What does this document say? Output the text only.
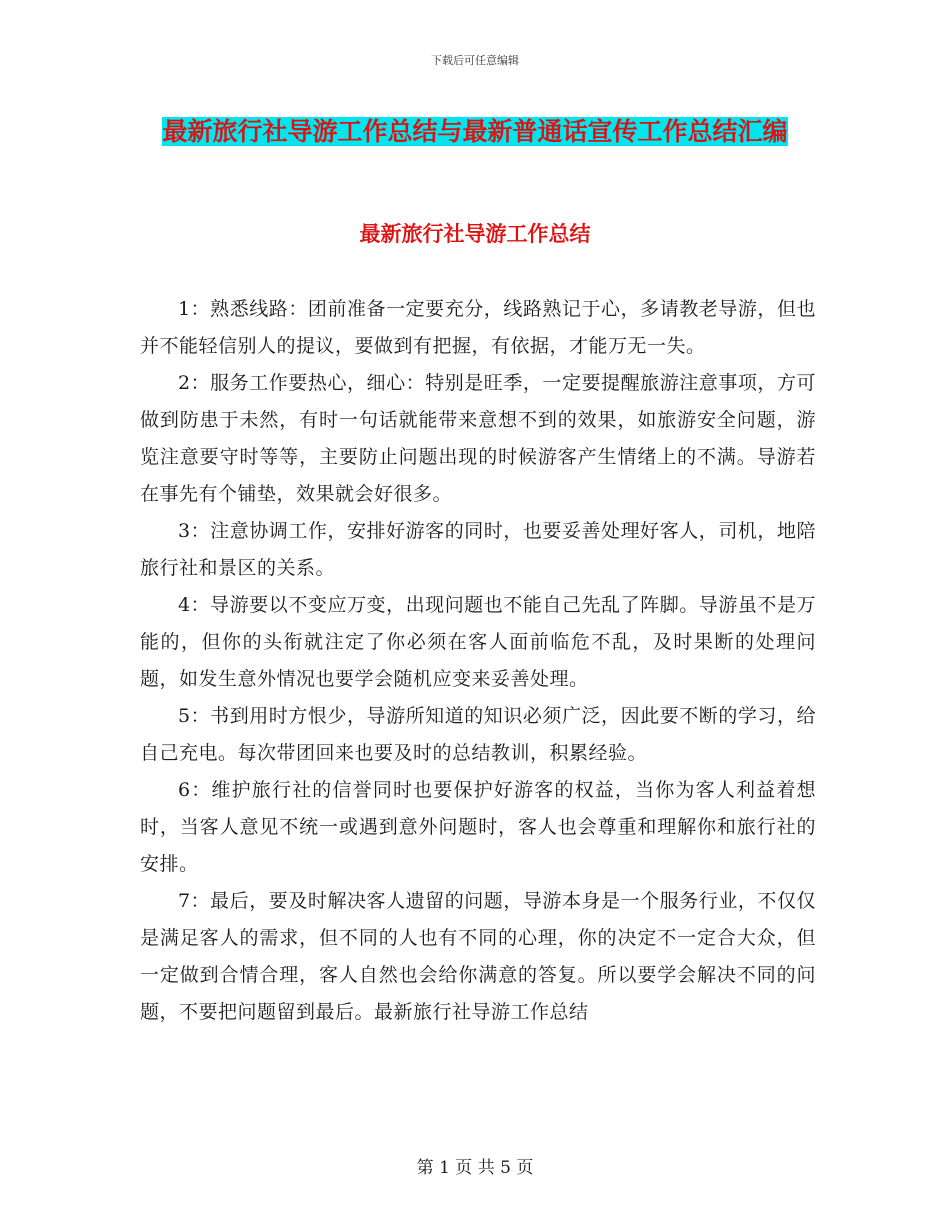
下载后可任意编辑
最新旅行社导游工作总结与最新普通话宣传工作总结汇编
最新旅行社导游工作总结

1：熟悉线路：团前准备一定要充分，线路熟记于心，多请教老导游，但也并不能轻信别人的提议，要做到有把握，有依据，才能万无一失。

2：服务工作要热心，细心：特别是旺季，一定要提醒旅游注意事项，方可做到防患于未然，有时一句话就能带来意想不到的效果，如旅游安全问题，游览注意要守时等等，主要防止问题出现的时候游客产生情绪上的不满。导游若在事先有个铺垫，效果就会好很多。

3：注意协调工作，安排好游客的同时，也要妥善处理好客人，司机，地陪旅行社和景区的关系。

4：导游要以不变应万变，出现问题也不能自己先乱了阵脚。导游虽不是万能的，但你的头衔就注定了你必须在客人面前临危不乱，及时果断的处理问题，如发生意外情况也要学会随机应变来妥善处理。

5：书到用时方恨少，导游所知道的知识必须广泛，因此要不断的学习，给自己充电。每次带团回来也要及时的总结教训，积累经验。

6：维护旅行社的信誉同时也要保护好游客的权益，当你为客人利益着想时，当客人意见不统一或遇到意外问题时，客人也会尊重和理解你和旅行社的安排。

7：最后，要及时解决客人遗留的问题，导游本身是一个服务行业，不仅仅是满足客人的需求，但不同的人也有不同的心理，你的决定不一定合大众，但一定做到合情合理，客人自然也会给你满意的答复。所以要学会解决不同的问题，不要把问题留到最后。最新旅行社导游工作总结

第 1 页 共 5 页
